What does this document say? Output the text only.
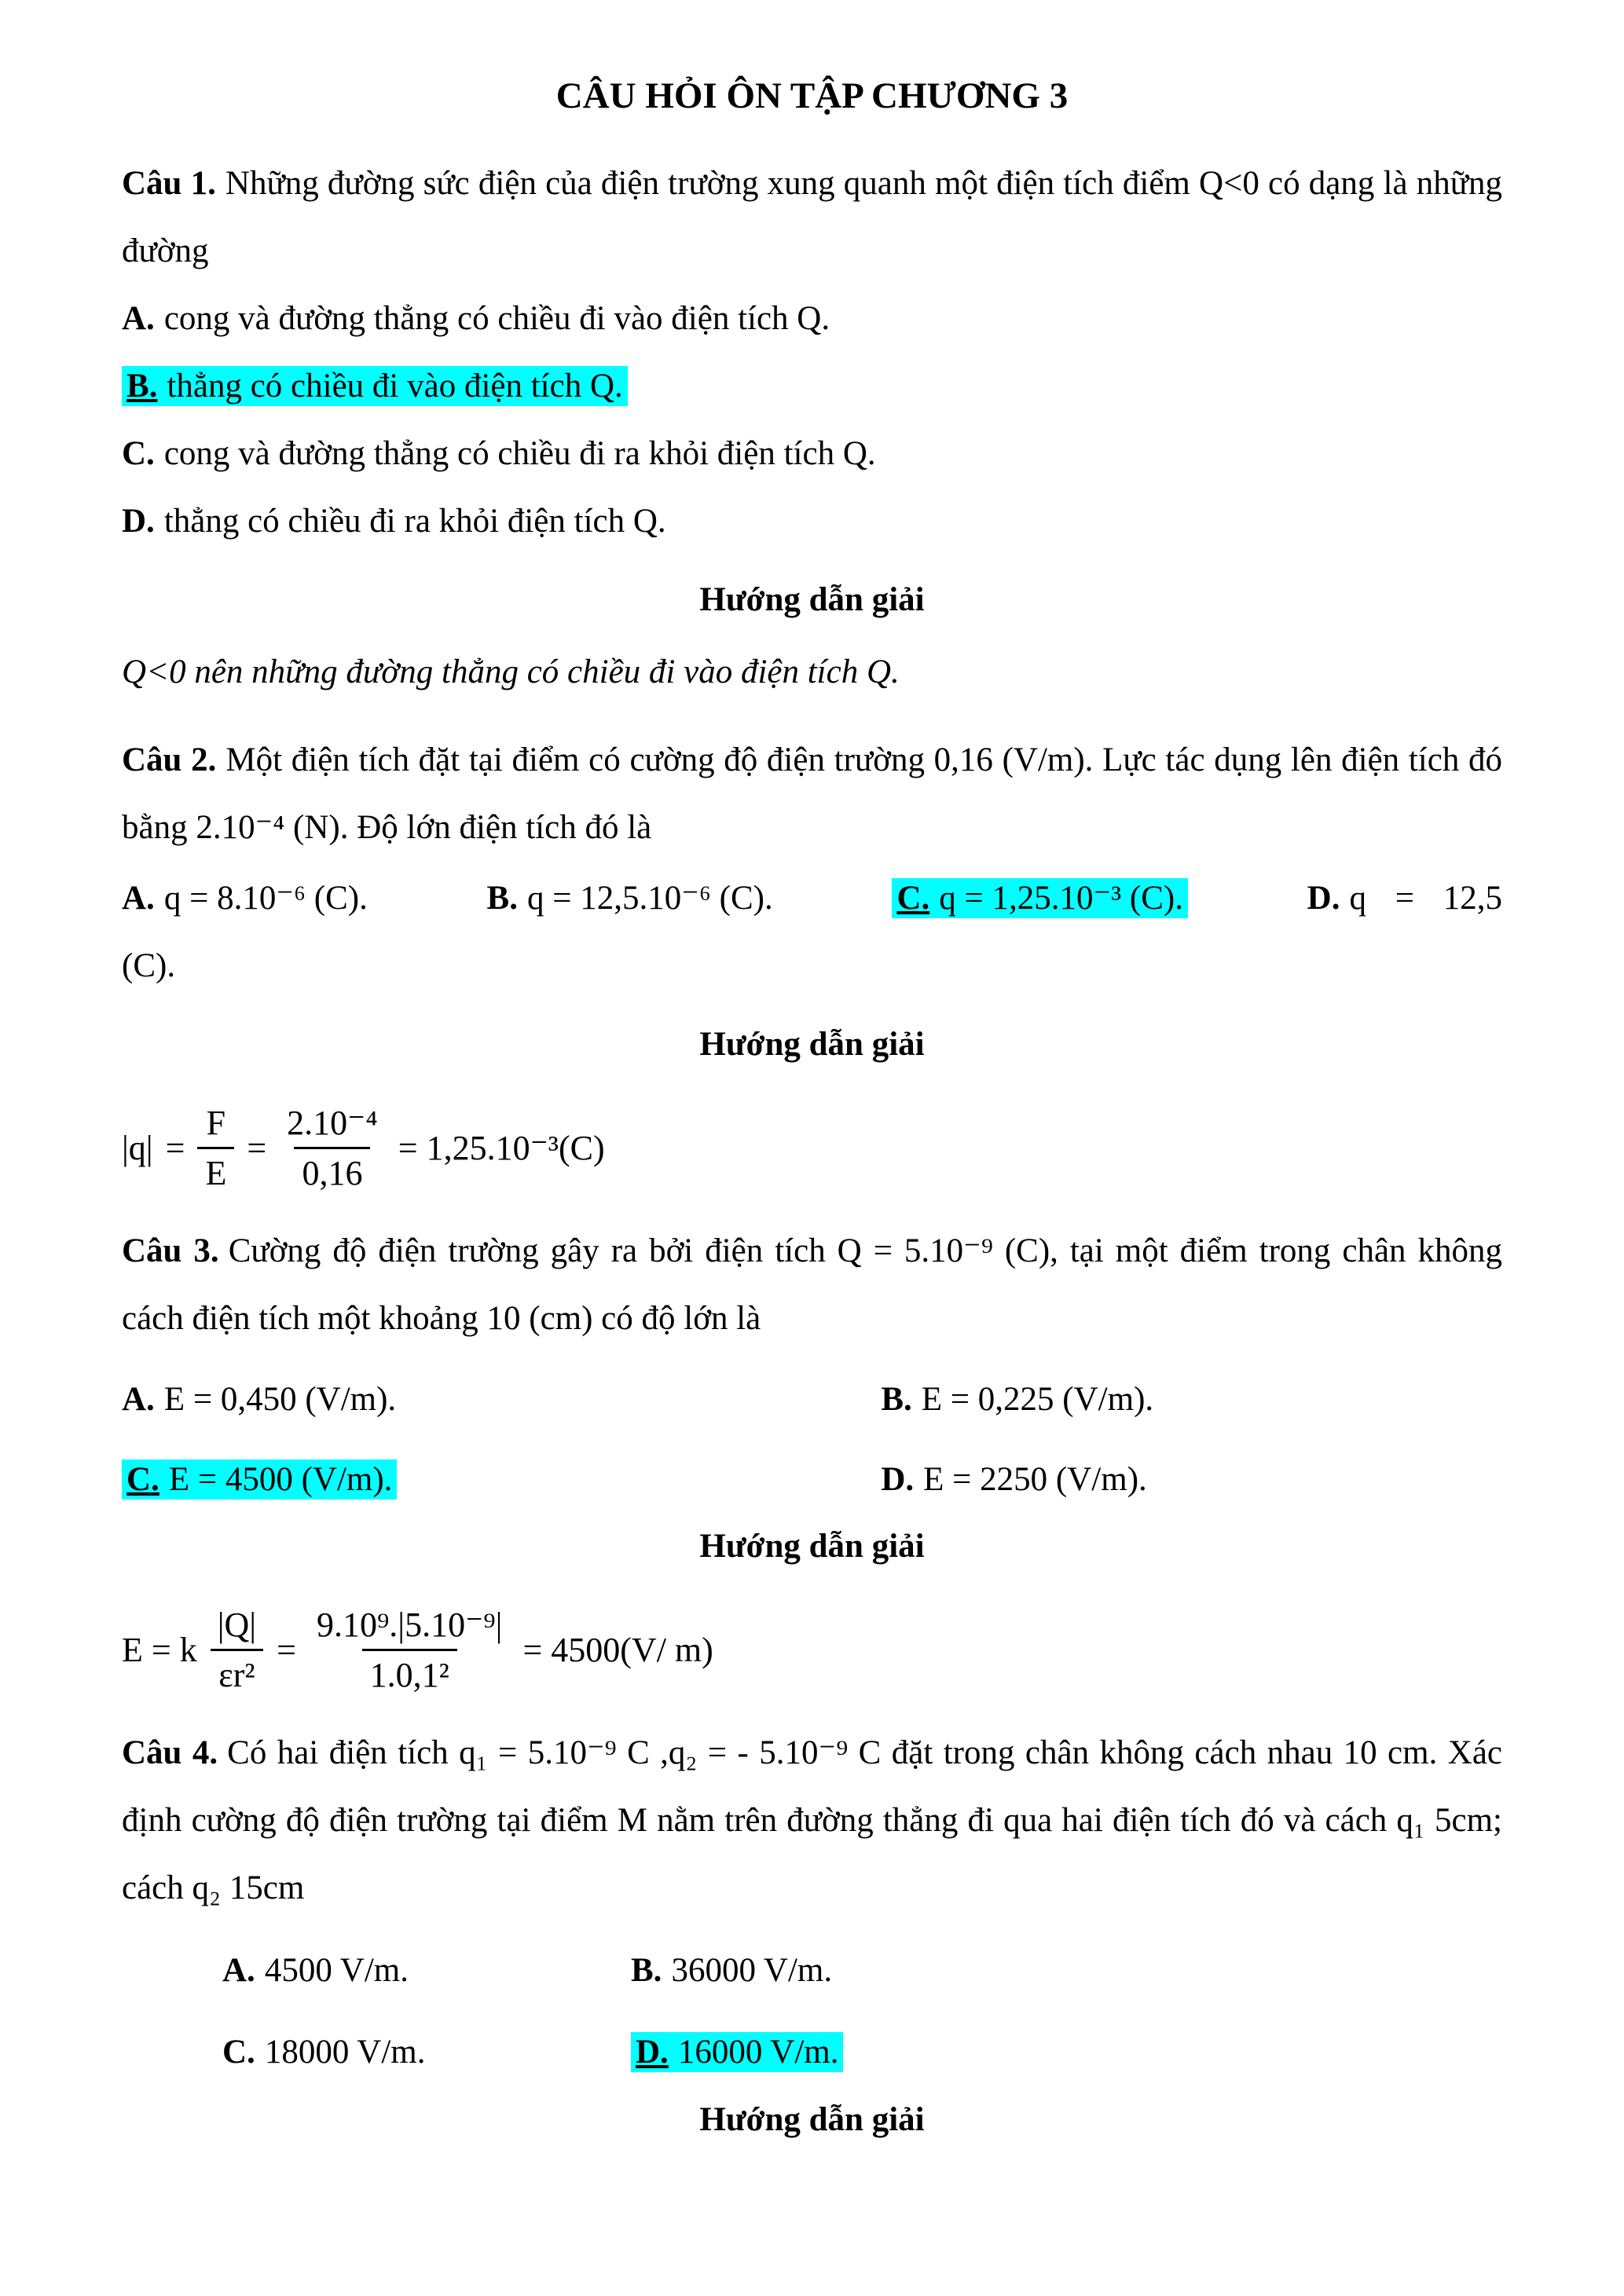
CÂU HỎI ÔN TẬP CHƯƠNG 3

Câu 1. Những đường sức điện của điện trường xung quanh một điện tích điểm Q<0 có dạng là những đường

A. cong và đường thẳng có chiều đi vào điện tích Q.

B. thẳng có chiều đi vào điện tích Q.

C. cong và đường thẳng có chiều đi ra khỏi điện tích Q.

D. thẳng có chiều đi ra khỏi điện tích Q.

Hướng dẫn giải

Q<0 nên những đường thẳng có chiều đi vào điện tích Q.

Câu 2. Một điện tích đặt tại điểm có cường độ điện trường 0,16 (V/m). Lực tác dụng lên điện tích đó bằng 2.10⁻⁴ (N). Độ lớn điện tích đó là

A. q = 8.10⁻⁶ (C).	B. q = 12,5.10⁻⁶ (C).	C. q = 1,25.10⁻³ (C).	D. q = 12,5

(C).

Hướng dẫn giải

$|q| = \frac{F}{E} = \frac{\text{2.10⁻⁴}}{0,16} = 1,25.10^{-3}(C)$

Câu 3. Cường độ điện trường gây ra bởi điện tích Q = 5.10⁻⁹ (C), tại một điểm trong chân không cách điện tích một khoảng 10 (cm) có độ lớn là

A. E = 0,450 (V/m).	B. E = 0,225 (V/m).

C. E = 4500 (V/m).	D. E = 2250 (V/m).

Hướng dẫn giải

E = k $\frac{|Q|}{\text{εr²}} = \frac{\text{9.10⁹.|5.10⁻⁹|}}{\text{1.0,1²}} = 4500(V/$ m)

Câu 4. Có hai điện tích q₁ = 5.10⁻⁹ C ,q₂ = - 5.10⁻⁹ C đặt trong chân không cách nhau 10 cm. Xác định cường độ điện trường tại điểm M nằm trên đường thẳng đi qua hai điện tích đó và cách q₁ 5cm; cách q₂ 15cm

A. 4500 V/m.	B. 36000 V/m.

C. 18000 V/m.	D. 16000 V/m.

Hướng dẫn giải
